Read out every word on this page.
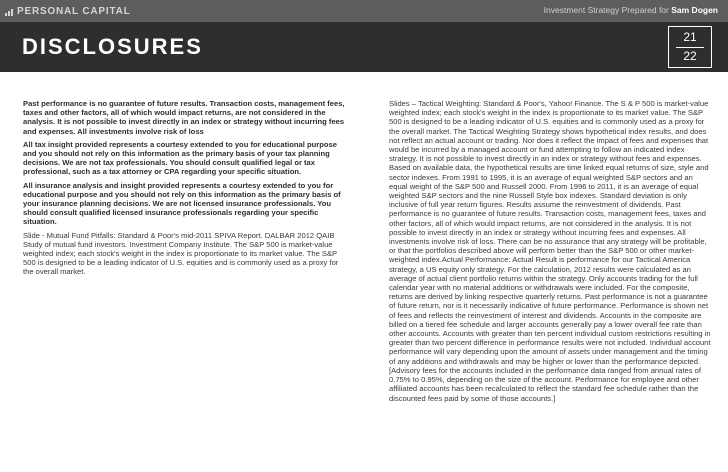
PERSONAL CAPITAL	Investment Strategy Prepared for Sam Dogen
DISCLOSURES	21
22

Past performance is no guarantee of future results. Transaction costs, management fees, taxes and other factors, all of which would impact returns, are not considered in the analysis. It is not possible to invest directly in an index or strategy without incurring fees and expenses. All investments involve risk of loss

All tax insight provided represents a courtesy extended to you for educational purpose and you should not rely on this information as the primary basis of your tax planning decisions. We are not tax professionals. You should consult qualified legal or tax professional, such as a tax attorney or CPA regarding your specific situation.

All insurance analysis and insight provided represents a courtesy extended to you for educational purpose and you should not rely on this information as the primary basis of your insurance planning decisions. We are not licensed insurance professionals. You should consult qualified licensed insurance professionals regarding your specific situation.

Slide - Mutual Fund Pitfalls: Standard & Poor's mid-2011 SPIVA Report. DALBAR 2012 QAIB Study of mutual fund investors. Investment Company Institute. The S&P 500 is market-value weighted index; each stock's weight in the index is proportionate to its market value. The S&P 500 is designed to be a leading indicator of U.S. equities and is commonly used as a proxy for the overall market.

Slides – Tactical Weighting: Standard & Poor's, Yahoo! Finance. The S & P 500 is market-value weighted index; each stock's weight in the index is proportionate to its market value. The S&P 500 is designed to be a leading indicator of U.S. equities and is commonly used as a proxy for the overall market. The Tactical Weighting Strategy shows hypothetical index results, and does not reflect an actual account or trading. Nor does it reflect the impact of fees and expenses that would be incurred by a managed account or fund attempting to follow an indicated index strategy. It is not possible to invest directly in an index or strategy without fees and expenses. Based on available data, the hypothetical results are time linked equal returns of size, style and sector indexes. From 1991 to 1995, it is an average of equal weighted S&P sectors and an equal weight of the S&P 500 and Russell 2000. From 1996 to 2011, it is an average of equal weighted S&P sectors and the nine Russell Style box indexes. Standard deviation is only inclusive of full year return figures. Results assume the reinvestment of dividends. Past performance is no guarantee of future results. Transaction costs, management fees, taxes and other factors, all of which would impact returns, are not considered in the analysis. It is not possible to invest directly in an index or strategy without incurring fees and expenses. All investments involve risk of loss. There can be no assurance that any strategy will be profitable, or that the portfolios described above will perform better than the S&P 500 or other market-weighted index.Actual Performance: Actual Result is performance for our Tactical America strategy, a US equity only strategy. For the calculation, 2012 results were calculated as an average of actual client portfolio returns within the strategy. Only accounts trading for the full calendar year with no material additions or withdrawals were included. For the composite, returns are derived by linking respective quarterly returns. Past performance is not a guarantee of future return, nor is it necessarily indicative of future performance. Performance is shown net of fees and reflects the reinvestment of interest and dividends. Accounts in the composite are billed on a tiered fee schedule and larger accounts generally pay a lower overall fee rate than other accounts. Accounts with greater than ten percent individual custom restrictions resulting in greater than two percent difference in performance results were not included. Individual account performance will vary depending upon the amount of assets under management and the timing of any additions and withdrawals and may be higher or lower than the performance depicted. [Advisory fees for the accounts included in the performance data ranged from annual rates of 0.75% to 0.95%, depending on the size of the account. Performance for employee and other affiliated accounts has been recalculated to reflect the standard fee schedule rather than the discounted fees paid by some of those accounts.]
